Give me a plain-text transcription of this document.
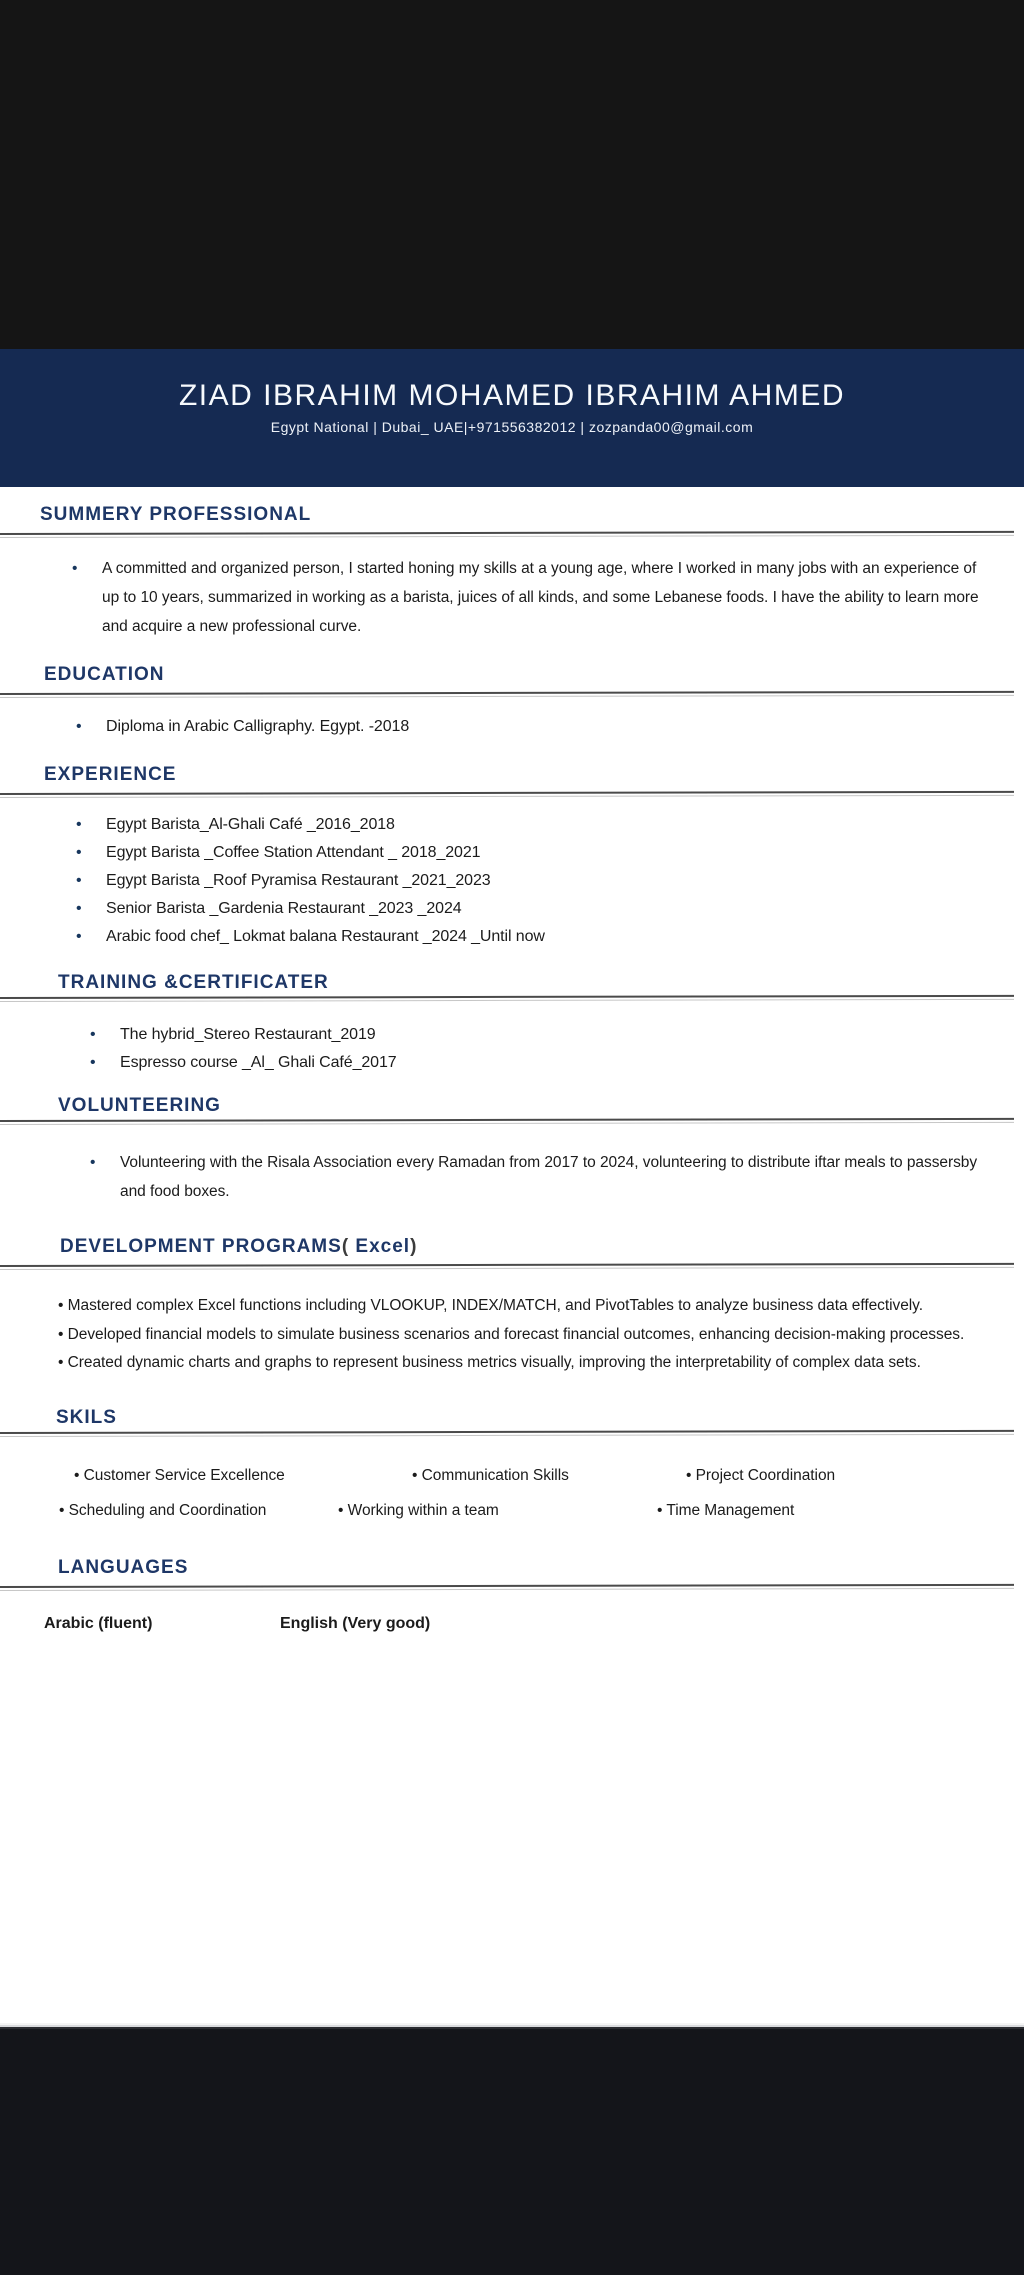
ZIAD IBRAHIM MOHAMED IBRAHIM AHMED

Egypt National | Dubai_ UAE|+971556382012 | zozpanda00@gmail.com

SUMMERY PROFESSIONAL

• A committed and organized person, I started honing my skills at a young age, where I worked in many jobs with an experience of up to 10 years, summarized in working as a barista, juices of all kinds, and some Lebanese foods. I have the ability to learn more and acquire a new professional curve.

EDUCATION
• Diploma in Arabic Calligraphy. Egypt. -2018
EXPERIENCE
• Egypt Barista_Al-Ghali Café _2016_2018
• Egypt Barista _Coffee Station Attendant _ 2018_2021
• Egypt Barista _Roof Pyramisa Restaurant _2021_2023
• Senior Barista _Gardenia Restaurant _2023 _2024
• Arabic food chef_ Lokmat balana Restaurant _2024 _Until now
TRAINING &CERTIFICATER
• The hybrid_Stereo Restaurant_2019
• Espresso course _Al_ Ghali Café_2017
VOLUNTEERING

• Volunteering with the Risala Association every Ramadan from 2017 to 2024, volunteering to distribute iftar meals to passersby and food boxes.

DEVELOPMENT PROGRAMS( Excel)

• Mastered complex Excel functions including VLOOKUP, INDEX/MATCH, and PivotTables to analyze business data effectively.

• Developed financial models to simulate business scenarios and forecast financial outcomes, enhancing decision-making processes.

• Created dynamic charts and graphs to represent business metrics visually, improving the interpretability of complex data sets.

SKILS
• Customer Service Excellence	• Communication Skills	• Project Coordination
• Scheduling and Coordination	• Working within a team	• Time Management
LANGUAGES
Arabic (fluent)	English (Very good)
